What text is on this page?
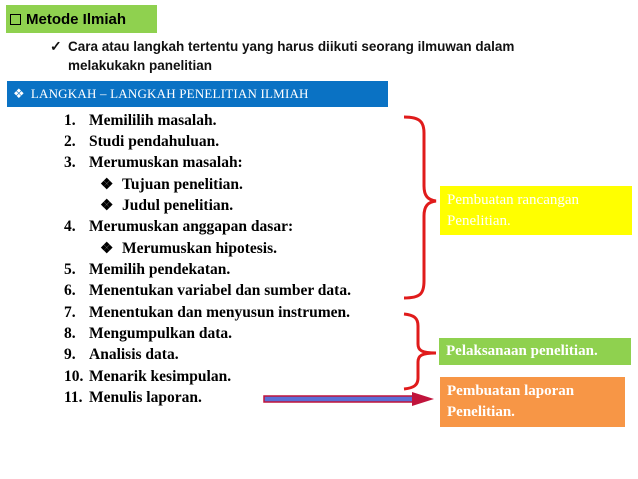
Metode Ilmiah
✓ Cara atau langkah tertentu yang harus diikuti seorang ilmuwan dalam
melakukakn panelitian
❖ LANGKAH – LANGKAH PENELITIAN ILMIAH
1. Memililih masalah.
2. Studi pendahuluan.
3. Merumuskan masalah:
❖ Tujuan penelitian.
❖ Judul penelitian.
4. Merumuskan anggapan dasar:
❖ Merumuskan hipotesis.
5. Memilih pendekatan.
6. Menentukan variabel dan sumber data.
7. Menentukan dan menyusun instrumen.
8. Mengumpulkan data.
9. Analisis data.
10. Menarik kesimpulan.
11. Menulis laporan.
Pembuatan rancangan
Penelitian.
Pelaksanaan penelitian.
Pembuatan laporan
Penelitian.
